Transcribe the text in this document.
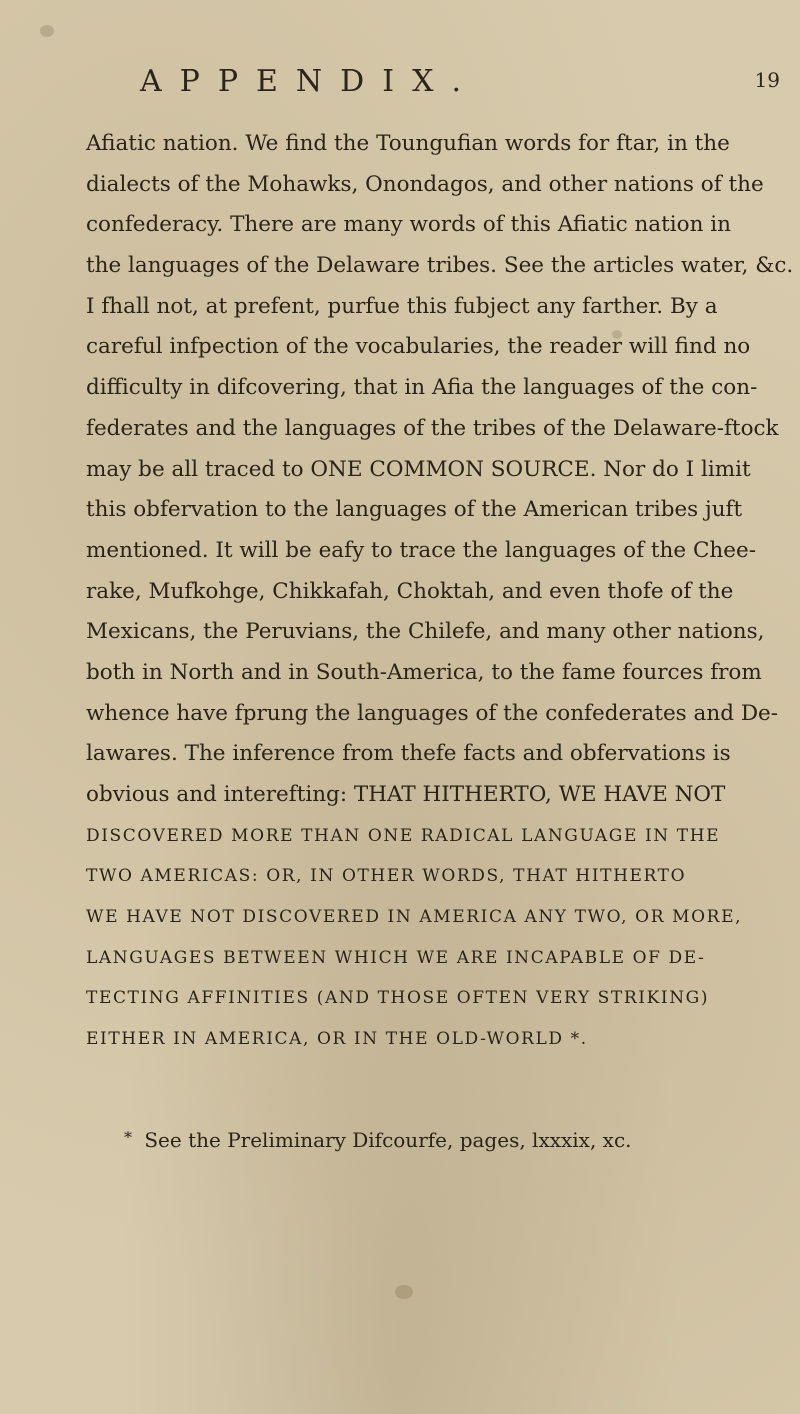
APPENDIX.	19
Afiatic nation. We find the Toungufian words for ftar, in the
dialects of the Mohawks, Onondagos, and other nations of the
confederacy. There are many words of this Afiatic nation in
the languages of the Delaware tribes. See the articles water, &c.
I fhall not, at prefent, purfue this fubject any farther. By a
careful infpection of the vocabularies, the reader will find no
difficulty in difcovering, that in Afia the languages of the con-
federates and the languages of the tribes of the Delaware-ftock
may be all traced to ONE COMMON SOURCE. Nor do I limit
this obfervation to the languages of the American tribes juft
mentioned. It will be eafy to trace the languages of the Chee-
rake, Mufkohge, Chikkafah, Choktah, and even thofe of the
Mexicans, the Peruvians, the Chilefe, and many other nations,
both in North and in South-America, to the fame fources from
whence have fprung the languages of the confederates and De-
lawares. The inference from thefe facts and obfervations is
obvious and interefting: THAT HITHERTO, WE HAVE NOT
DISCOVERED MORE THAN ONE RADICAL LANGUAGE IN THE
TWO AMERICAS: OR, IN OTHER WORDS, THAT HITHERTO
WE HAVE NOT DISCOVERED IN AMERICA ANY TWO, OR MORE,
LANGUAGES BETWEEN WHICH WE ARE INCAPABLE OF DE-
TECTING AFFINITIES (AND THOSE OFTEN VERY STRIKING)
EITHER IN AMERICA, OR IN THE OLD-WORLD *.
* See the Preliminary Difcourfe, pages, lxxxix, xc.
